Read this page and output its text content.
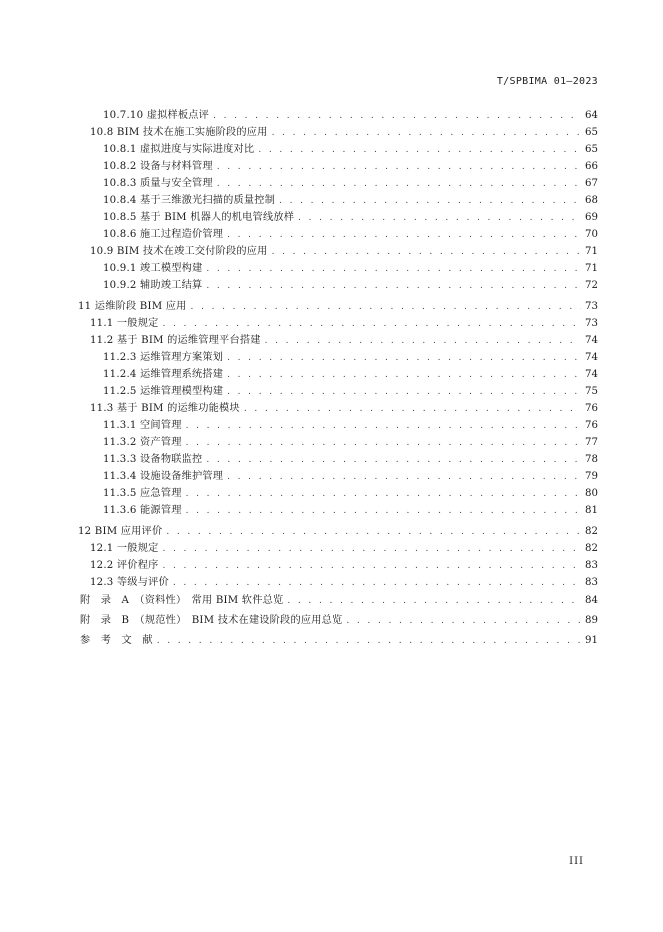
T/SPBIMA 01—2023
10.7.10 虚拟样板点评 . . .	64
10.8 BIM 技术在施工实施阶段的应用 . . .	65
10.8.1 虚拟进度与实际进度对比 . . .	65
10.8.2 设备与材料管理 . . .	66
10.8.3 质量与安全管理 . . .	67
10.8.4 基于三维激光扫描的质量控制 . . .	68
10.8.5 基于 BIM 机器人的机电管线放样 . . .	69
10.8.6 施工过程造价管理 . . .	70
10.9 BIM 技术在竣工交付阶段的应用 . . .	71
10.9.1 竣工模型构建 . . .	71
10.9.2 辅助竣工结算 . . .	72
11 运维阶段 BIM 应用 . . .	73
11.1 一般规定 . . .	73
11.2 基于 BIM 的运维管理平台搭建 . . .	74
11.2.3 运维管理方案策划 . . .	74
11.2.4 运维管理系统搭建 . . .	74
11.2.5 运维管理模型构建 . . .	75
11.3 基于 BIM 的运维功能模块 . . .	76
11.3.1 空间管理 . . .	76
11.3.2 资产管理 . . .	77
11.3.3 设备物联监控 . . .	78
11.3.4 设施设备维护管理 . . .	79
11.3.5 应急管理 . . .	80
11.3.6 能源管理 . . .	81
12 BIM 应用评价 . . .	82
12.1 一般规定 . . .	82
12.2 评价程序 . . .	83
12.3 等级与评价 . . .	83
附　录　A　（资料性）　常用 BIM 软件总览 . . .	84
附　录　B　（规范性）　BIM 技术在建设阶段的应用总览 . . .	89
参　考　文　献 . . .	91
III
